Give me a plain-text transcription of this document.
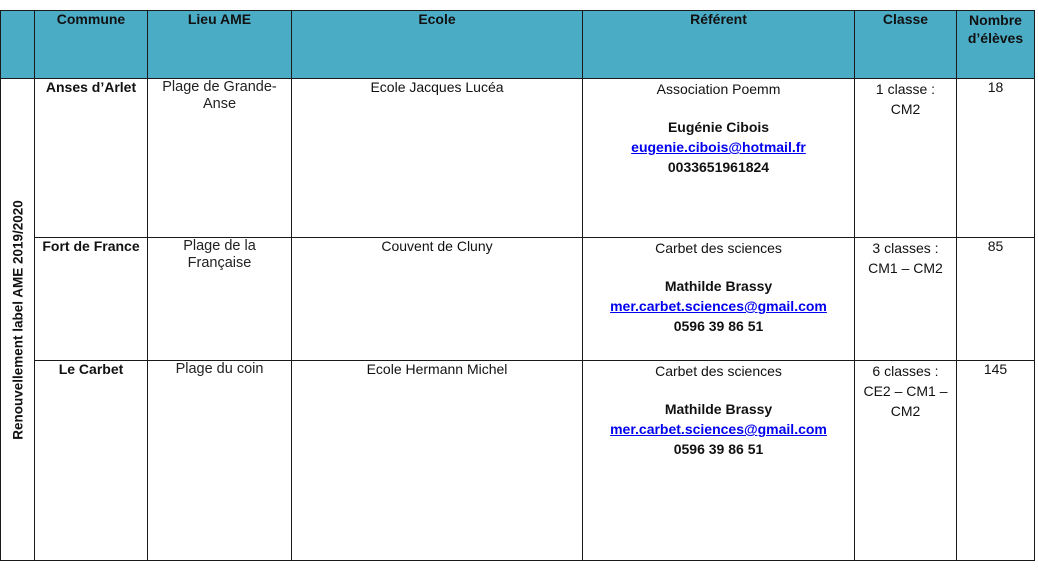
	Commune	Lieu AME	Ecole	Référent	Classe	Nombre
d’élèves

Renouvellement label AME 2019/2020	Anses d’Arlet	Plage de Grande-
Anse	Ecole Jacques Lucéa	Association Poemm
Eugénie Cibois
eugenie.cibois@hotmail.fr
0033651961824	1 classe :
CM2	18
	Fort de France	Plage de la
Française	Couvent de Cluny	Carbet des sciences
Mathilde Brassy
mer.carbet.sciences@gmail.com
0596 39 86 51	3 classes :
CM1 – CM2	85
	Le Carbet	Plage du coin	Ecole Hermann Michel	Carbet des sciences
Mathilde Brassy
mer.carbet.sciences@gmail.com
0596 39 86 51	6 classes :
CE2 – CM1 –
CM2	145
